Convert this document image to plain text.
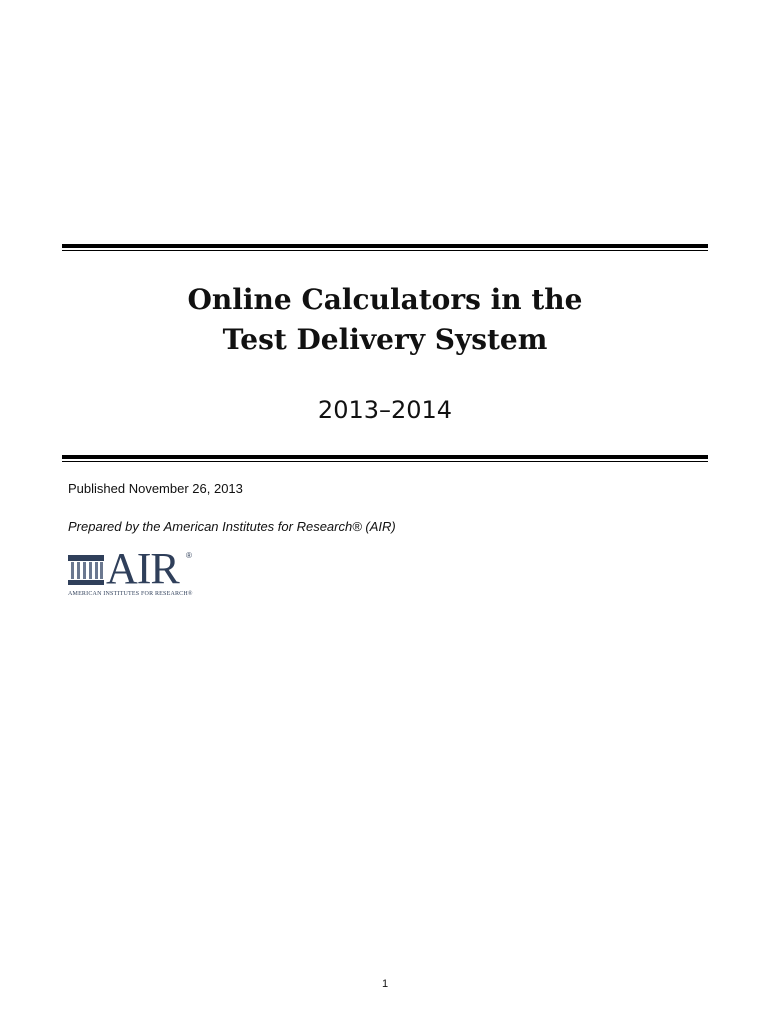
Online Calculators in the
Test Delivery System
2013–2014
Published November 26, 2013
Prepared by the American Institutes for Research® (AIR)
AIR ®
AMERICAN INSTITUTES FOR RESEARCH®
1
